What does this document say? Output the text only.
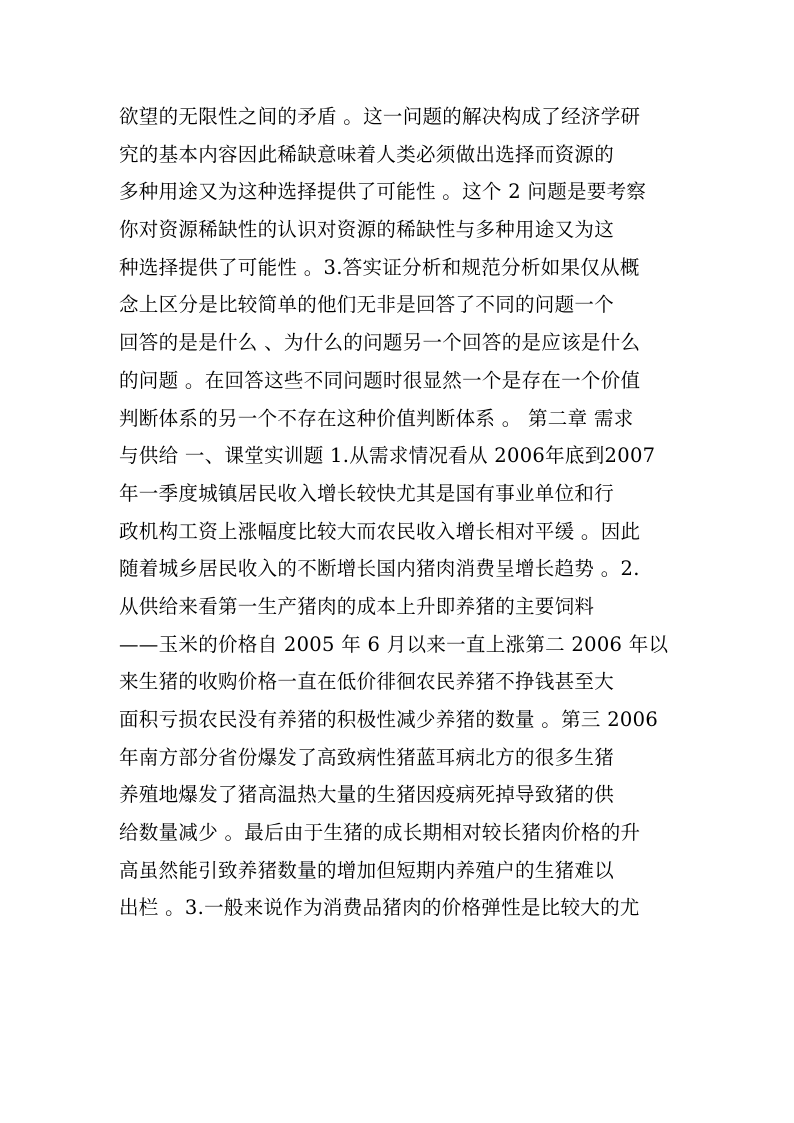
欲望的无限性之间的矛盾 。这一问题的解决构成了经济学研
究的基本内容因此稀缺意味着人类必须做出选择而资源的
多种用途又为这种选择提供了可能性 。这个 2 问题是要考察
你对资源稀缺性的认识对资源的稀缺性与多种用途又为这
种选择提供了可能性 。3.答实证分析和规范分析如果仅从概
念上区分是比较简单的他们无非是回答了不同的问题一个
回答的是是什么 、为什么的问题另一个回答的是应该是什么
的问题 。在回答这些不同问题时很显然一个是存在一个价值
判断体系的另一个不存在这种价值判断体系 。 第二章 需求
与供给 一、课堂实训题 1.从需求情况看从 2006年底到2007
年一季度城镇居民收入增长较快尤其是国有事业单位和行
政机构工资上涨幅度比较大而农民收入增长相对平缓 。因此
随着城乡居民收入的不断增长国内猪肉消费呈增长趋势 。2.
从供给来看第一生产猪肉的成本上升即养猪的主要饲料
——玉米的价格自 2005 年 6 月以来一直上涨第二 2006 年以
来生猪的收购价格一直在低价徘徊农民养猪不挣钱甚至大
面积亏损农民没有养猪的积极性减少养猪的数量 。第三 2006
年南方部分省份爆发了高致病性猪蓝耳病北方的很多生猪
养殖地爆发了猪高温热大量的生猪因疫病死掉导致猪的供
给数量减少 。最后由于生猪的成长期相对较长猪肉价格的升
高虽然能引致养猪数量的增加但短期内养殖户的生猪难以
出栏 。3.一般来说作为消费品猪肉的价格弹性是比较大的尤
